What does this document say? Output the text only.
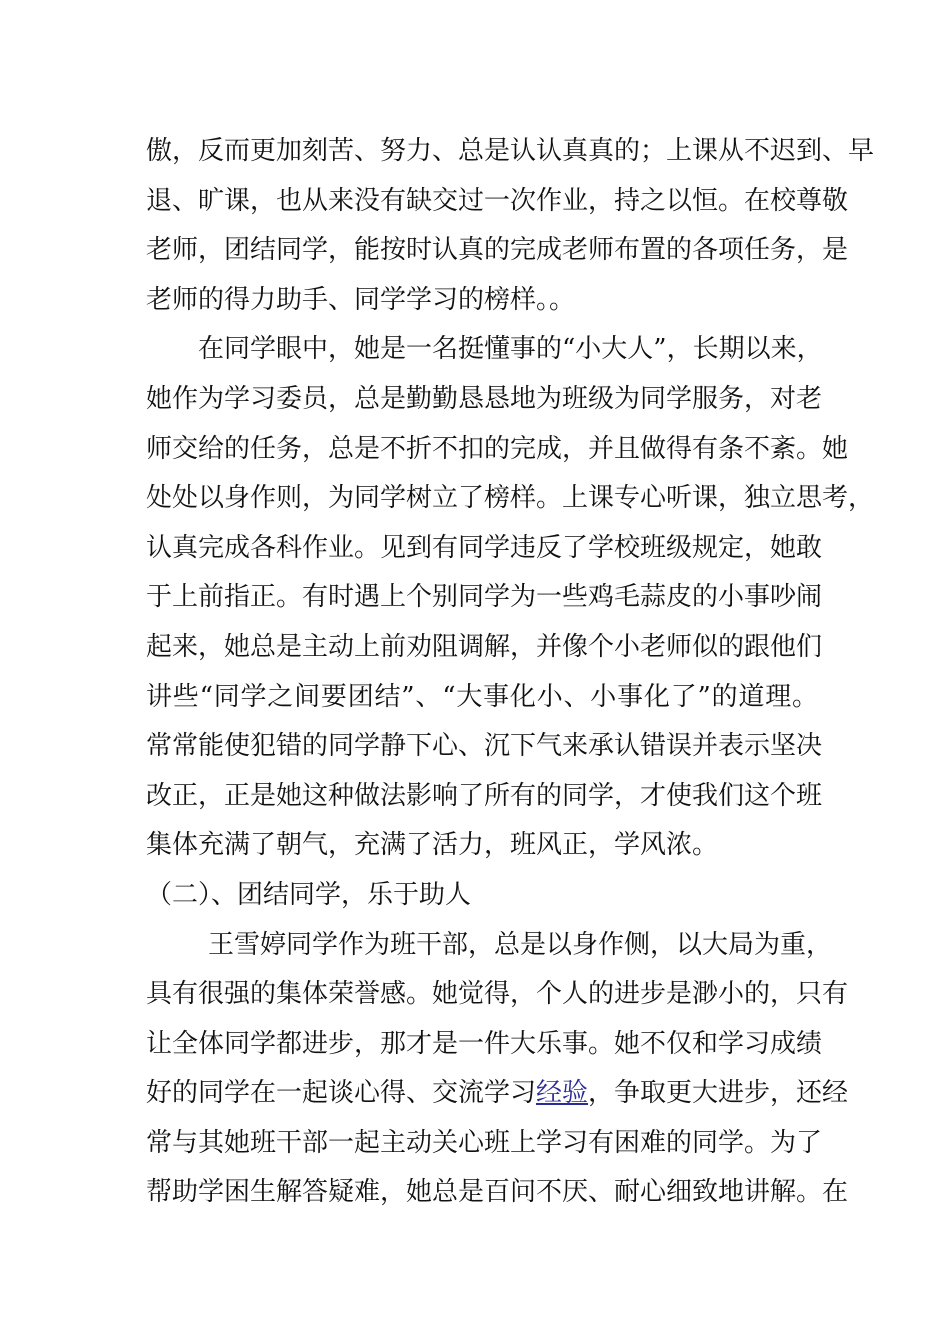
傲，反而更加刻苦、努力、总是认认真真的；上课从不迟到、早
退、旷课，也从来没有缺交过一次作业，持之以恒。在校尊敬
老师，团结同学，能按时认真的完成老师布置的各项任务，是
老师的得力助手、同学学习的榜样。。
在同学眼中，她是一名挺懂事的“小大人”，长期以来，
她作为学习委员，总是勤勤恳恳地为班级为同学服务，对老
师交给的任务，总是不折不扣的完成，并且做得有条不紊。她
处处以身作则，为同学树立了榜样。上课专心听课，独立思考，
认真完成各科作业。见到有同学违反了学校班级规定，她敢
于上前指正。有时遇上个别同学为一些鸡毛蒜皮的小事吵闹
起来，她总是主动上前劝阻调解，并像个小老师似的跟他们
讲些“同学之间要团结”、“大事化小、小事化了”的道理。
常常能使犯错的同学静下心、沉下气来承认错误并表示坚决
改正，正是她这种做法影响了所有的同学，才使我们这个班
集体充满了朝气，充满了活力，班风正，学风浓。
（二）、团结同学，乐于助人
王雪婷同学作为班干部，总是以身作侧，以大局为重，
具有很强的集体荣誉感。她觉得，个人的进步是渺小的，只有
让全体同学都进步，那才是一件大乐事。她不仅和学习成绩
好的同学在一起谈心得、交流学习经验，争取更大进步，还经
常与其她班干部一起主动关心班上学习有困难的同学。为了
帮助学困生解答疑难，她总是百问不厌、耐心细致地讲解。在
